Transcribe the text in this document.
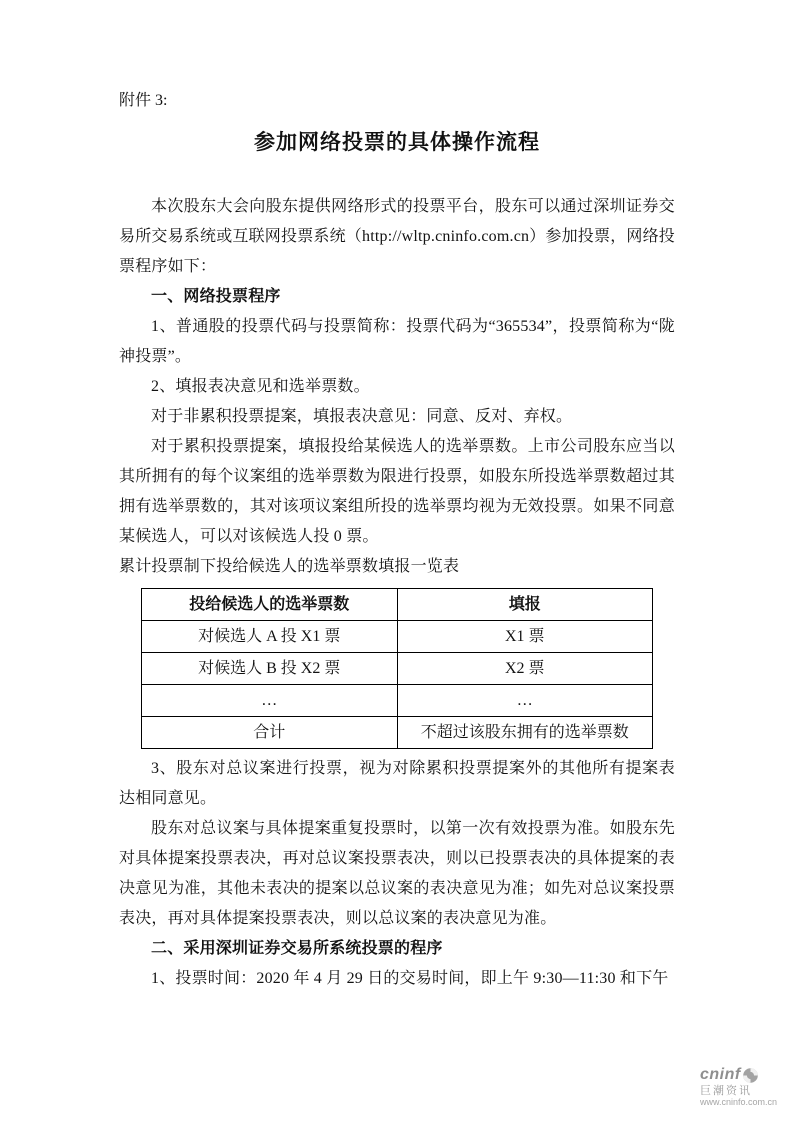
附件 3:

参加网络投票的具体操作流程

本次股东大会向股东提供网络形式的投票平台，股东可以通过深圳证券交易所交易系统或互联网投票系统（http://wltp.cninfo.com.cn）参加投票，网络投票程序如下：

一、网络投票程序

1、普通股的投票代码与投票简称：投票代码为“365534”，投票简称为“陇神投票”。

2、填报表决意见和选举票数。

对于非累积投票提案，填报表决意见：同意、反对、弃权。

对于累积投票提案，填报投给某候选人的选举票数。上市公司股东应当以其所拥有的每个议案组的选举票数为限进行投票，如股东所投选举票数超过其拥有选举票数的，其对该项议案组所投的选举票均视为无效投票。如果不同意某候选人，可以对该候选人投 0 票。

累计投票制下投给候选人的选举票数填报一览表

投给候选人的选举票数	填报
对候选人 A 投 X1 票	X1 票
对候选人 B 投 X2 票	X2 票
…	…
合计	不超过该股东拥有的选举票数

3、股东对总议案进行投票，视为对除累积投票提案外的其他所有提案表达相同意见。

股东对总议案与具体提案重复投票时，以第一次有效投票为准。如股东先对具体提案投票表决，再对总议案投票表决，则以已投票表决的具体提案的表决意见为准，其他未表决的提案以总议案的表决意见为准；如先对总议案投票表决，再对具体提案投票表决，则以总议案的表决意见为准。

二、采用深圳证券交易所系统投票的程序

1、投票时间：2020 年 4 月 29 日的交易时间，即上午 9:30—11:30 和下午

cninf
巨潮资讯
www.cninfo.com.cn
